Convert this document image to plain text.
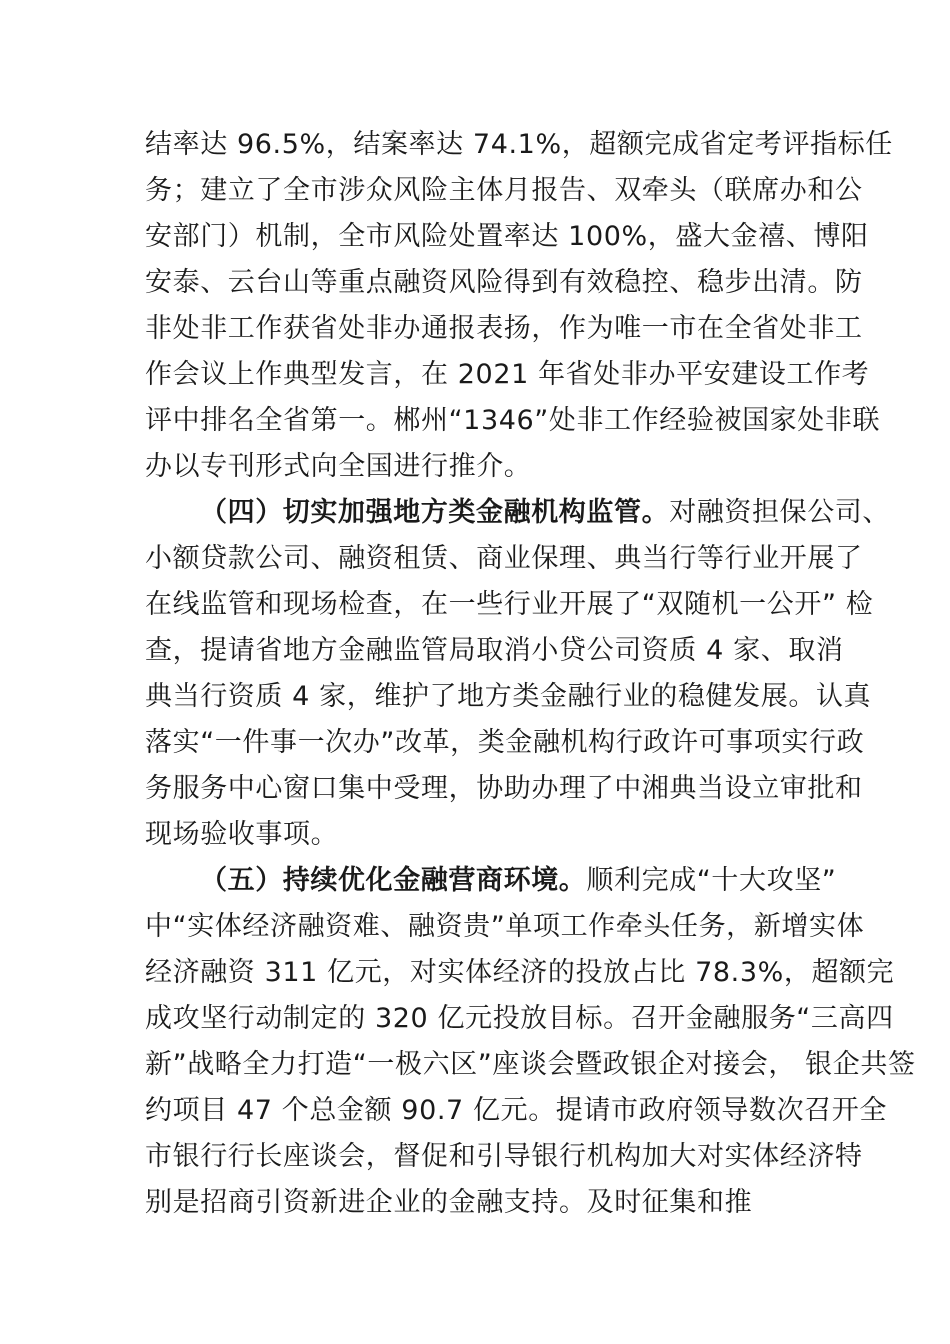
结率达 96.5%，结案率达 74.1%，超额完成省定考评指标任
务；建立了全市涉众风险主体月报告、双牵头（联席办和公
安部门）机制，全市风险处置率达 100%，盛大金禧、博阳
安泰、云台山等重点融资风险得到有效稳控、稳步出清。防
非处非工作获省处非办通报表扬，作为唯一市在全省处非工
作会议上作典型发言，在 2021 年省处非办平安建设工作考
评中排名全省第一。郴州“1346”处非工作经验被国家处非联
办以专刊形式向全国进行推介。
（四）切实加强地方类金融机构监管。对融资担保公司、
小额贷款公司、融资租赁、商业保理、典当行等行业开展了
在线监管和现场检查，在一些行业开展了“双随机一公开” 检
查，提请省地方金融监管局取消小贷公司资质 4 家、取消
典当行资质 4 家，维护了地方类金融行业的稳健发展。认真
落实“一件事一次办”改革，类金融机构行政许可事项实行政
务服务中心窗口集中受理，协助办理了中湘典当设立审批和
现场验收事项。
（五）持续优化金融营商环境。顺利完成“十大攻坚”
中“实体经济融资难、融资贵”单项工作牵头任务，新增实体
经济融资 311 亿元，对实体经济的投放占比 78.3%，超额完
成攻坚行动制定的 320 亿元投放目标。召开金融服务“三高四
新”战略全力打造“一极六区”座谈会暨政银企对接会， 银企共签
约项目 47 个总金额 90.7 亿元。提请市政府领导数次召开全
市银行行长座谈会，督促和引导银行机构加大对实体经济特
别是招商引资新进企业的金融支持。及时征集和推
